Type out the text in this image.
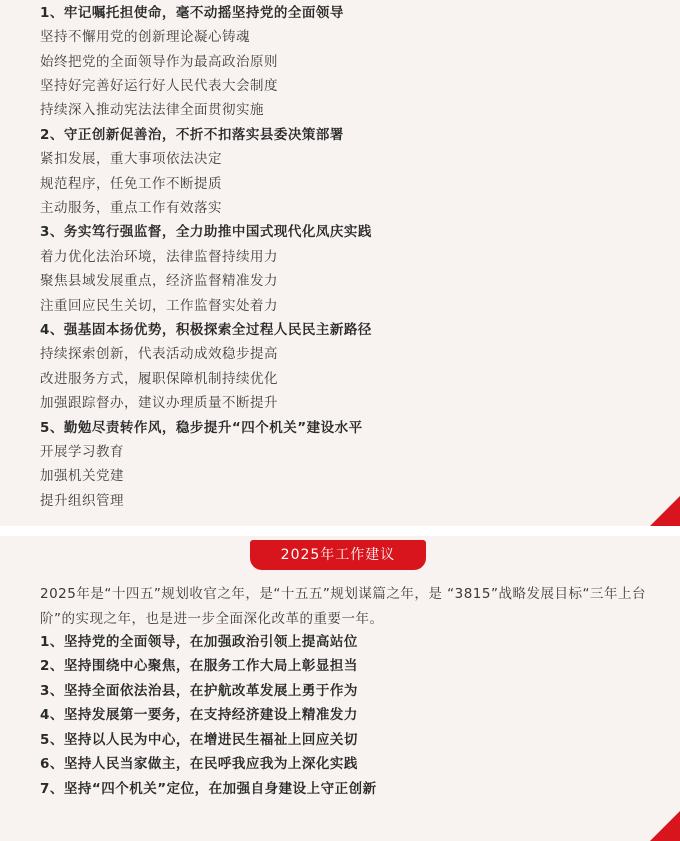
1、牢记嘱托担使命，毫不动摇坚持党的全面领导
坚持不懈用党的创新理论凝心铸魂
始终把党的全面领导作为最高政治原则
坚持好完善好运行好人民代表大会制度
持续深入推动宪法法律全面贯彻实施
2、守正创新促善治，不折不扣落实县委决策部署
紧扣发展，重大事项依法决定
规范程序，任免工作不断提质
主动服务，重点工作有效落实
3、务实笃行强监督，全力助推中国式现代化凤庆实践
着力优化法治环境，法律监督持续用力
聚焦县域发展重点，经济监督精准发力
注重回应民生关切，工作监督实处着力
4、强基固本扬优势，积极探索全过程人民民主新路径
持续探索创新，代表活动成效稳步提高
改进服务方式，履职保障机制持续优化
加强跟踪督办，建议办理质量不断提升
5、勤勉尽责转作风，稳步提升“四个机关”建设水平
开展学习教育
加强机关党建
提升组织管理
2025年工作建议
2025年是“十四五”规划收官之年，是“十五五”规划谋篇之年，是 “3815”战略发展目标“三年上台阶”的实现之年，也是进一步全面深化改革的重要一年。
1、坚持党的全面领导，在加强政治引领上提高站位
2、坚持围绕中心聚焦，在服务工作大局上彰显担当
3、坚持全面依法治县，在护航改革发展上勇于作为
4、坚持发展第一要务，在支持经济建设上精准发力
5、坚持以人民为中心，在增进民生福祉上回应关切
6、坚持人民当家做主，在民呼我应我为上深化实践
7、坚持“四个机关”定位，在加强自身建设上守正创新
